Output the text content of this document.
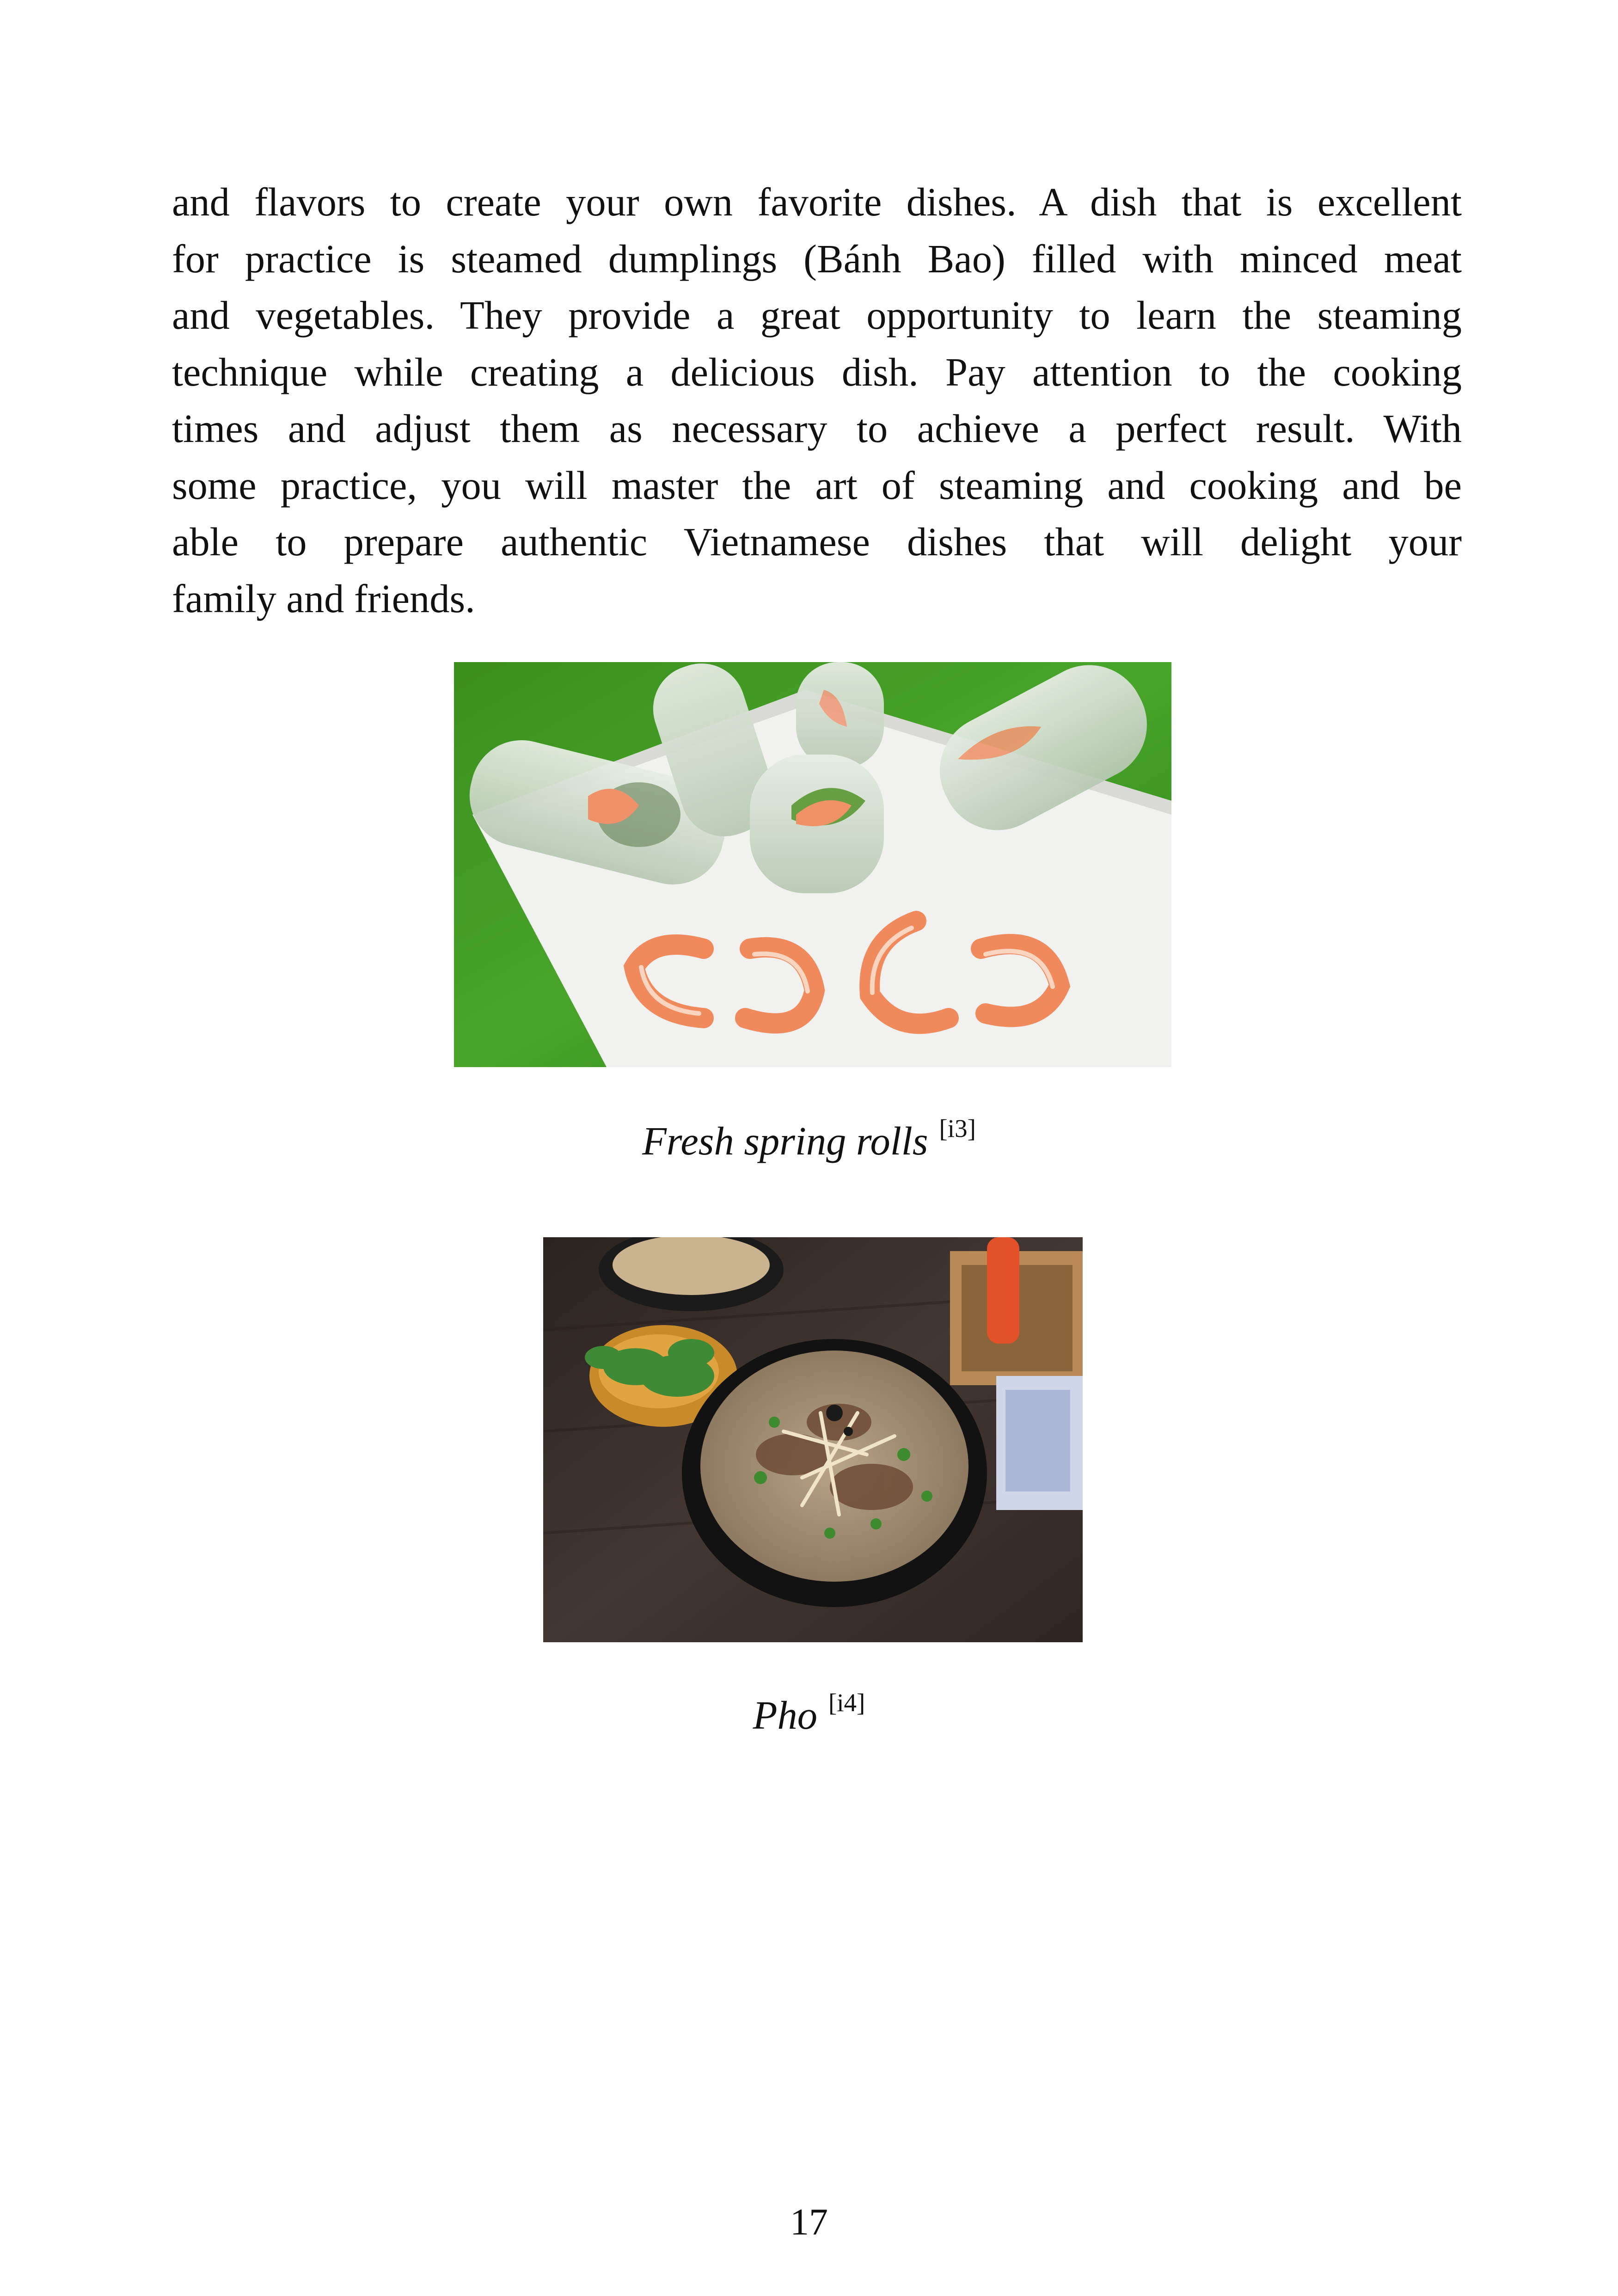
and flavors to create your own favorite dishes. A dish that is excellent
for practice is steamed dumplings (Bánh Bao) filled with minced meat
and vegetables. They provide a great opportunity to learn the steaming
technique while creating a delicious dish. Pay attention to the cooking
times and adjust them as necessary to achieve a perfect result. With
some practice, you will master the art of steaming and cooking and be
able to prepare authentic Vietnamese dishes that will delight your
family and friends.
Fresh spring rolls [i3]
Pho [i4]
17
